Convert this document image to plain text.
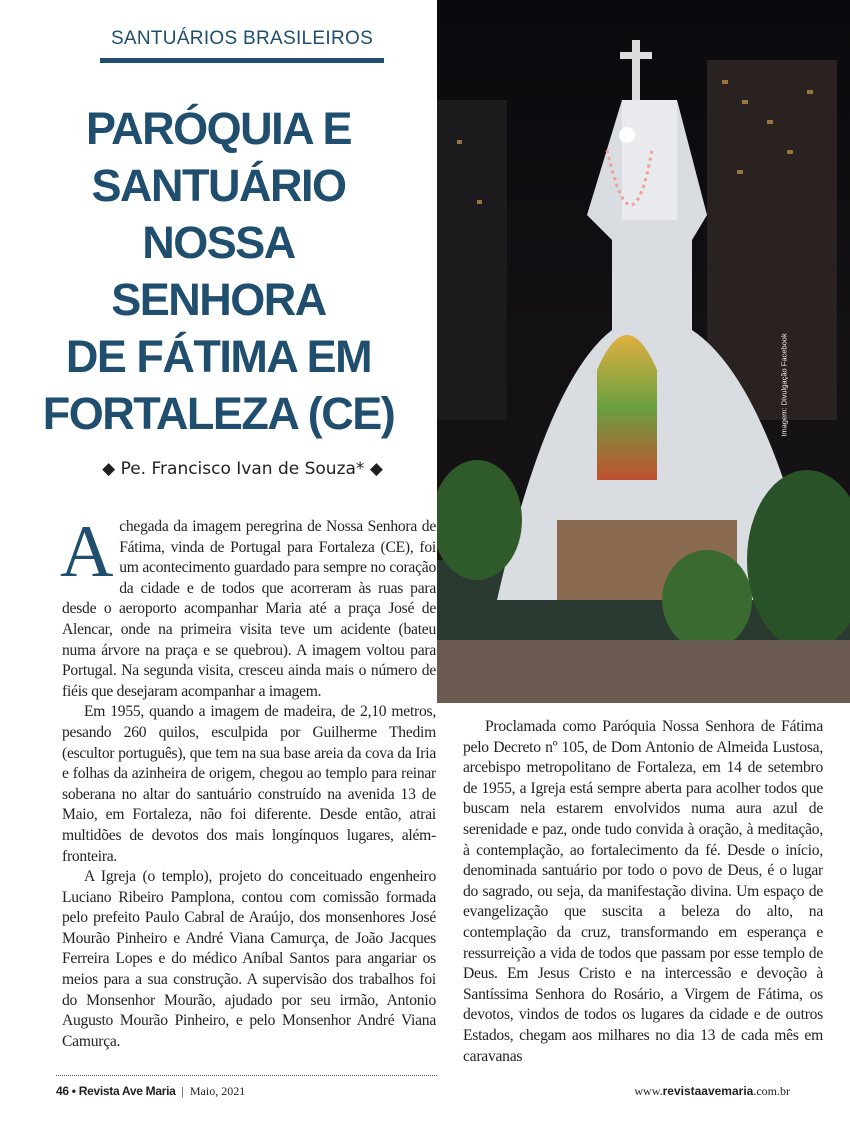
SANTUÁRIOS BRASILEIROS
PARÓQUIA E
SANTUÁRIO
NOSSA
SENHORA
DE FÁTIMA EM
FORTALEZA (CE)
◆ Pe. Francisco Ivan de Souza* ◆
Imagem: Divulgação Facebook

Achegada da imagem peregrina de Nossa Senhora de Fátima, vinda de Portugal para Fortaleza (CE), foi um acontecimento guardado para sempre no coração da cidade e de todos que acorreram às ruas para desde o aeroporto acompanhar Maria até a praça José de Alencar, onde na primeira visita teve um acidente (bateu numa árvore na praça e se quebrou). A imagem voltou para Portugal. Na segunda visita, cresceu ainda mais o número de fiéis que desejaram acompanhar a imagem.

Em 1955, quando a imagem de madeira, de 2,10 metros, pesando 260 quilos, esculpida por Guilherme Thedim (escultor português), que tem na sua base areia da cova da Iria e folhas da azinheira de origem, chegou ao templo para reinar soberana no altar do santuário construído na avenida 13 de Maio, em Fortaleza, não foi diferente. Desde então, atrai multidões de devotos dos mais longínquos lugares, além-fronteira.

A Igreja (o templo), projeto do conceituado engenheiro Luciano Ribeiro Pamplona, contou com comissão formada pelo prefeito Paulo Cabral de Araújo, dos monsenhores José Mourão Pinheiro e André Viana Camurça, de João Jacques Ferreira Lopes e do médico Aníbal Santos para angariar os meios para a sua construção. A supervisão dos trabalhos foi do Monsenhor Mourão, ajudado por seu irmão, Antonio Augusto Mourão Pinheiro, e pelo Monsenhor André Viana Camurça.

Proclamada como Paróquia Nossa Senhora de Fátima pelo Decreto nº 105, de Dom Antonio de Almeida Lustosa, arcebispo metropolitano de Fortaleza, em 14 de setembro de 1955, a Igreja está sempre aberta para acolher todos que buscam nela estarem envolvidos numa aura azul de serenidade e paz, onde tudo convida à oração, à meditação, à contemplação, ao fortalecimento da fé. Desde o início, denominada santuário por todo o povo de Deus, é o lugar do sagrado, ou seja, da manifestação divina. Um espaço de evangelização que suscita a beleza do alto, na contemplação da cruz, transformando em esperança e ressurreição a vida de todos que passam por esse templo de Deus. Em Jesus Cristo e na intercessão e devoção à Santíssima Senhora do Rosário, a Virgem de Fátima, os devotos, vindos de todos os lugares da cidade e de outros Estados, chegam aos milhares no dia 13 de cada mês em caravanas

46 • Revista Ave Maria | Maio, 2021	www.revistaavemaria.com.br
